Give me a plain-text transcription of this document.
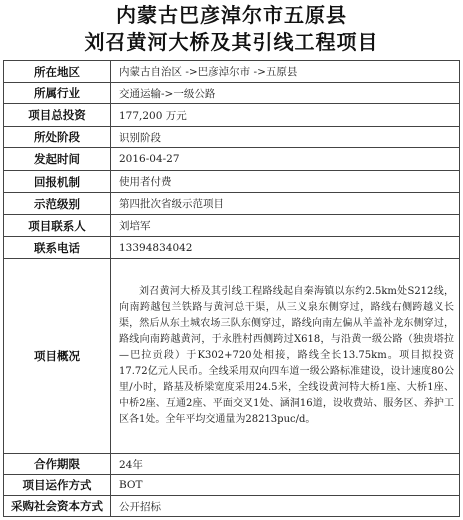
内蒙古巴彦淖尔市五原县
刘召黄河大桥及其引线工程项目
所在地区	内蒙古自治区 ->巴彦淖尔市 ->五原县
所属行业	交通运输->一级公路
项目总投资	177,200 万元
所处阶段	识别阶段
发起时间	2016-04-27
回报机制	使用者付费
示范级别	第四批次省级示范项目
项目联系人	刘培军
联系电话	13394834042
项目概况	刘召黄河大桥及其引线工程路线起自秦海镇以东约2.5km处S212线，向南跨越包兰铁路与黄河总干渠，从三义泉东侧穿过，路线右侧跨越义长渠，然后从东土城农场三队东侧穿过，路线向南左偏从羊盖补龙东侧穿过，路线向南跨越黄河，于永胜村西侧跨过X618，与沿黄一级公路（独贵塔拉—巴拉贡段）于K302+720处相接，路线全长13.75km。项目拟投资17.72亿元人民币。全线采用双向四车道一级公路标准建设，设计速度80公里/小时，路基及桥梁宽度采用24.5米，全线设黄河特大桥1座、大桥1座、中桥2座、互通2座、平面交叉1处、涵洞16道，设收费站、服务区、养护工区各1处。全年平均交通量为28213puc/d。
合作期限	24年
项目运作方式	BOT
采购社会资本方式	公开招标
